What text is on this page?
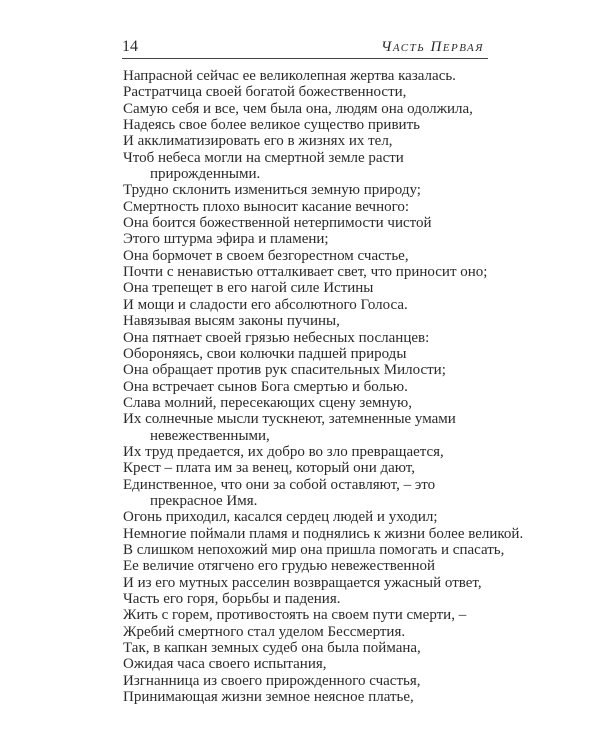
14	Часть Первая
Напрасной сейчас ее великолепная жертва казалась.
Растратчица своей богатой божественности,
Самую себя и все, чем была она, людям она одолжила,
Надеясь свое более великое существо привить
И акклиматизировать его в жизнях их тел,
Чтоб небеса могли на смертной земле расти
прирожденными.
Трудно склонить измениться земную природу;
Смертность плохо выносит касание вечного:
Она боится божественной нетерпимости чистой
Этого штурма эфира и пламени;
Она бормочет в своем безгорестном счастье,
Почти с ненавистью отталкивает свет, что приносит оно;
Она трепещет в его нагой силе Истины
И мощи и сладости его абсолютного Голоса.
Навязывая высям законы пучины,
Она пятнает своей грязью небесных посланцев:
Обороняясь, свои колючки падшей природы
Она обращает против рук спасительных Милости;
Она встречает сынов Бога смертью и болью.
Слава молний, пересекающих сцену земную,
Их солнечные мысли тускнеют, затемненные умами
невежественными,
Их труд предается, их добро во зло превращается,
Крест – плата им за венец, который они дают,
Единственное, что они за собой оставляют, – это
прекрасное Имя.
Огонь приходил, касался сердец людей и уходил;
Немногие поймали пламя и поднялись к жизни более великой.
В слишком непохожий мир она пришла помогать и спасать,
Ее величие отягчено его грудью невежественной
И из его мутных расселин возвращается ужасный ответ,
Часть его горя, борьбы и падения.
Жить с горем, противостоять на своем пути смерти, –
Жребий смертного стал уделом Бессмертия.
Так, в капкан земных судеб она была поймана,
Ожидая часа своего испытания,
Изгнанница из своего прирожденного счастья,
Принимающая жизни земное неясное платье,
